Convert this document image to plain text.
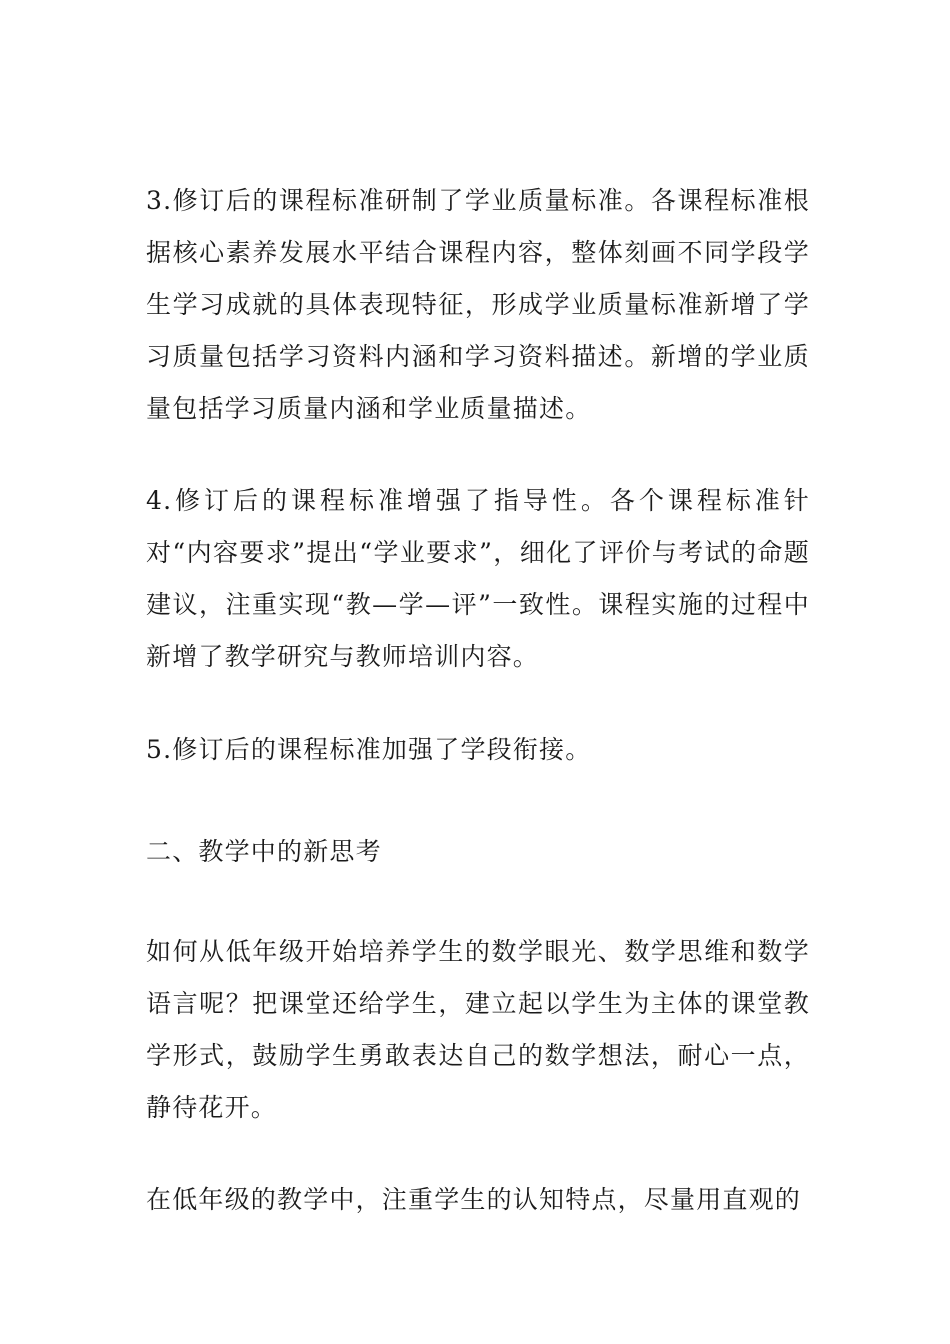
3.修订后的课程标准研制了学业质量标准。各课程标准根据核心素养发展水平结合课程内容，整体刻画不同学段学生学习成就的具体表现特征，形成学业质量标准新增了学习质量包括学习资料内涵和学习资料描述。新增的学业质量包括学习质量内涵和学业质量描述。

4.修订后的课程标准增强了指导性。各个课程标准针对“内容要求”提出“学业要求”，细化了评价与考试的命题建议，注重实现“教—学—评”一致性。课程实施的过程中新增了教学研究与教师培训内容。

5.修订后的课程标准加强了学段衔接。

二、教学中的新思考

如何从低年级开始培养学生的数学眼光、数学思维和数学语言呢？把课堂还给学生，建立起以学生为主体的课堂教学形式，鼓励学生勇敢表达自己的数学想法，耐心一点，静待花开。

在低年级的教学中，注重学生的认知特点，尽量用直观的
